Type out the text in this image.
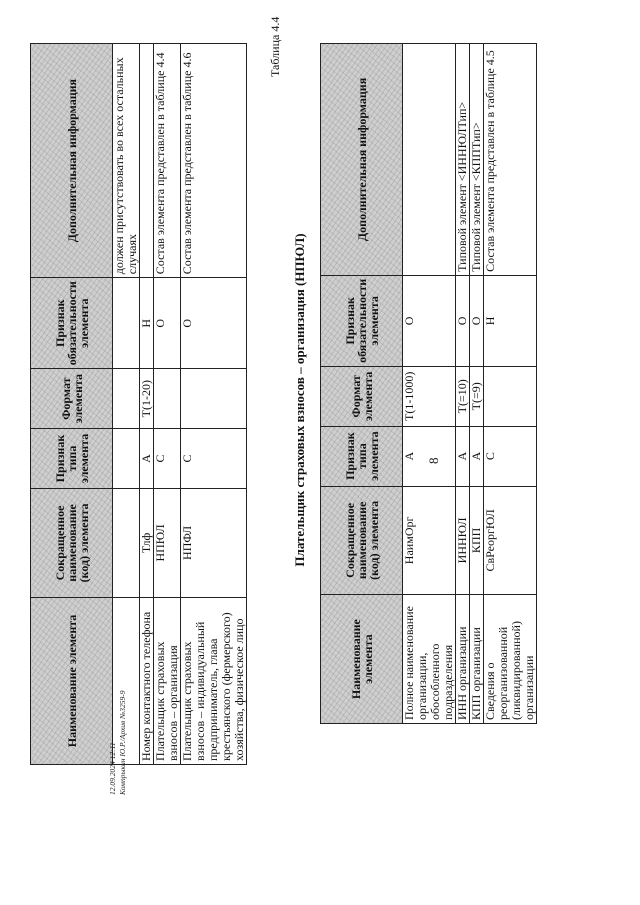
8
Наименование элемента	Сокращенное наименование (код) элемента	Признак типа элемента	Формат элемента	Признак обязательности элемента	Дополнительная информация
					должен присутствовать во всех остальных случаях
Номер контактного телефона	Тлф	А	Т(1-20)	Н	
Плательщик страховых взносов – организация	НПЮЛ	С		О	Состав элемента представлен в таблице 4.4
Плательщик страховых взносов – индивидуальный предприниматель, глава крестьянского (фермерского) хозяйства, физическое лицо	НПФЛ	С		О	Состав элемента представлен в таблице 4.6
Таблица 4.4
Плательщик страховых взносов – организация (НПЮЛ)
Наименование элемента	Сокращенное наименование (код) элемента	Признак типа элемента	Формат элемента	Признак обязательности элемента	Дополнительная информация
Полное наименование организации, обособленного подразделения	НаимОрг	А	T(1-1000)	О	
ИНН организации	ИННЮЛ	А	T(=10)	О	Типовой элемент <ИННЮЛТип>
КПП организации	КПП	А	T(=9)	О	Типовой элемент <КППТип>
Сведения о реорганизованной (ликвидированной) организации	СвРеоргЮЛ	С		Н	Состав элемента представлен в таблице 4.5
12.09.2024 12:11 Компрыкин Ю.Р./Архив №3259-9
